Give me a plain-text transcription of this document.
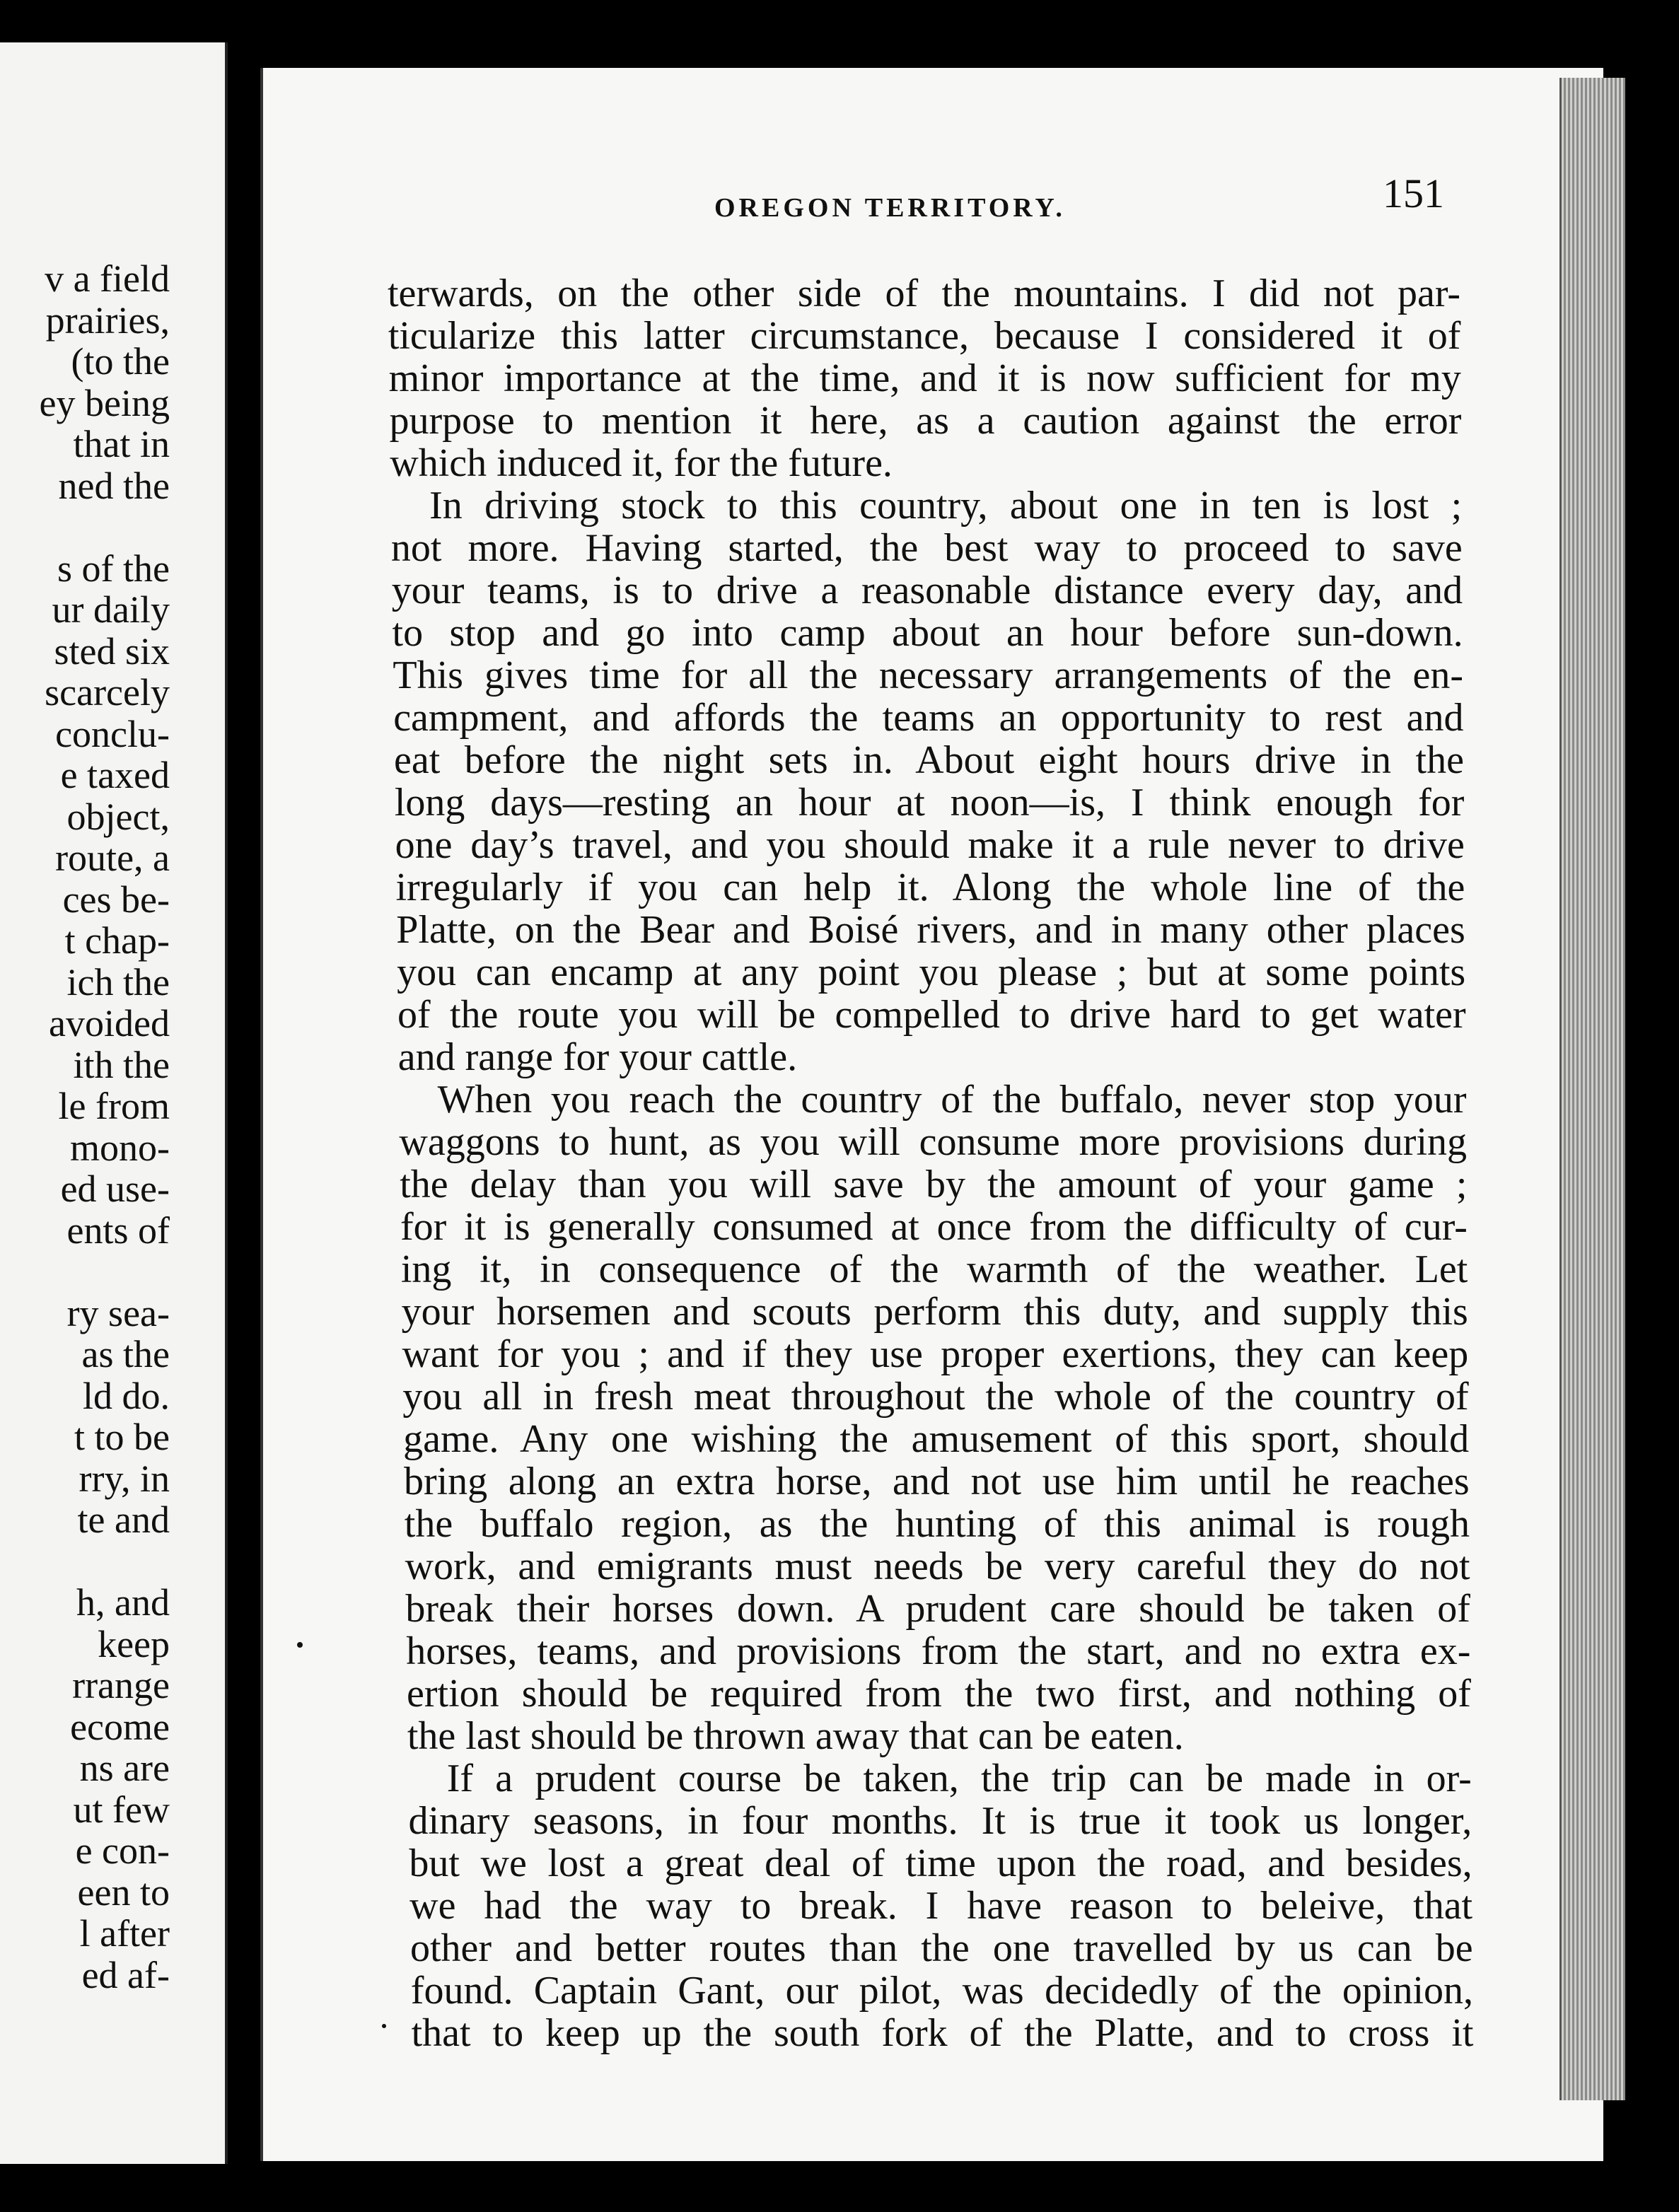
v a field
prairies,
(to the
ey being
that in
ned the
s of the
ur daily
sted six
scarcely
conclu-
e taxed
object,
route, a
ces be-
t chap-
ich the
avoided
ith the
le from
mono-
ed use-
ents of
ry sea-
as the
ld do.
t to be
rry, in
te and
h, and
keep
rrange
ecome
ns are
ut few
e con-
een to
l after
ed af-
OREGON TERRITORY.	151
terwards, on the other side of the mountains. I did not par-
ticularize this latter circumstance, because I considered it of
minor importance at the time, and it is now sufficient for my
purpose to mention it here, as a caution against the error
which induced it, for the future.
In driving stock to this country, about one in ten is lost ;
not more. Having started, the best way to proceed to save
your teams, is to drive a reasonable distance every day, and
to stop and go into camp about an hour before sun-down.
This gives time for all the necessary arrangements of the en-
campment, and affords the teams an opportunity to rest and
eat before the night sets in. About eight hours drive in the
long days—resting an hour at noon—is, I think enough for
one day’s travel, and you should make it a rule never to drive
irregularly if you can help it. Along the whole line of the
Platte, on the Bear and Boisé rivers, and in many other places
you can encamp at any point you please ; but at some points
of the route you will be compelled to drive hard to get water
and range for your cattle.
When you reach the country of the buffalo, never stop your
waggons to hunt, as you will consume more provisions during
the delay than you will save by the amount of your game ;
for it is generally consumed at once from the difficulty of cur-
ing it, in consequence of the warmth of the weather. Let
your horsemen and scouts perform this duty, and supply this
want for you ; and if they use proper exertions, they can keep
you all in fresh meat throughout the whole of the country of
game. Any one wishing the amusement of this sport, should
bring along an extra horse, and not use him until he reaches
the buffalo region, as the hunting of this animal is rough
work, and emigrants must needs be very careful they do not
break their horses down. A prudent care should be taken of
horses, teams, and provisions from the start, and no extra ex-
ertion should be required from the two first, and nothing of
the last should be thrown away that can be eaten.
If a prudent course be taken, the trip can be made in or-
dinary seasons, in four months. It is true it took us longer,
but we lost a great deal of time upon the road, and besides,
we had the way to break. I have reason to beleive, that
other and better routes than the one travelled by us can be
found. Captain Gant, our pilot, was decidedly of the opinion,
that to keep up the south fork of the Platte, and to cross it
